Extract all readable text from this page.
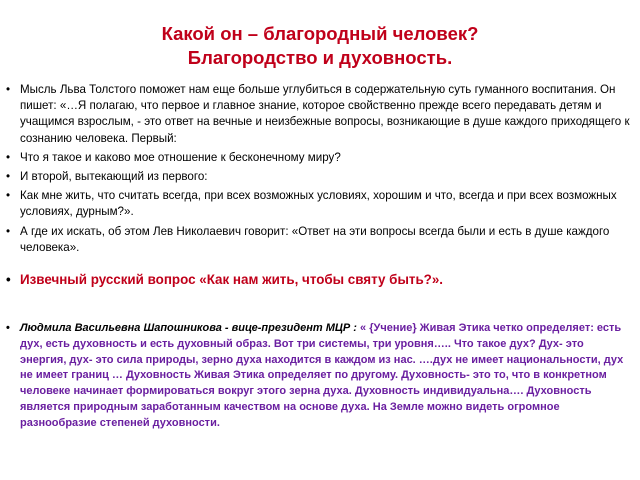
Какой он – благородный человек?
Благородство и духовность.
• Мысль Льва Толстого поможет нам еще больше углубиться в содержательную суть гуманного воспитания. Он пишет: «…Я полагаю, что первое и главное знание, которое свойственно прежде всего передавать детям и учащимся взрослым, - это ответ на вечные и неизбежные вопросы, возникающие в душе каждого приходящего к сознанию человека. Первый:
• Что я такое и каково мое отношение к бесконечному миру?
• И второй, вытекающий из первого:
• Как мне жить, что считать всегда, при всех возможных условиях, хорошим и что, всегда и при всех возможных условиях, дурным?».
• А где их искать, об этом Лев Николаевич говорит: «Ответ на эти вопросы всегда были и есть в душе каждого человека».
• Извечный русский вопрос «Как нам жить, чтобы святу быть?».
• Людмила Васильевна Шапошникова - вице-президент МЦР : « {Учение} Живая Этика четко определяет: есть дух, есть духовность и есть духовный образ. Вот три системы, три уровня….. Что такое дух? Дух- это энергия, дух- это сила природы, зерно духа находится в каждом из нас. ….дух не имеет национальности, дух не имеет границ … Духовность Живая Этика определяет по другому. Духовность- это то, что в конкретном человеке начинает формироваться вокруг этого зерна духа. Духовность индивидуальна…. Духовность является природным заработанным качеством на основе духа. На Земле можно видеть огромное разнообразие степеней духовности.
